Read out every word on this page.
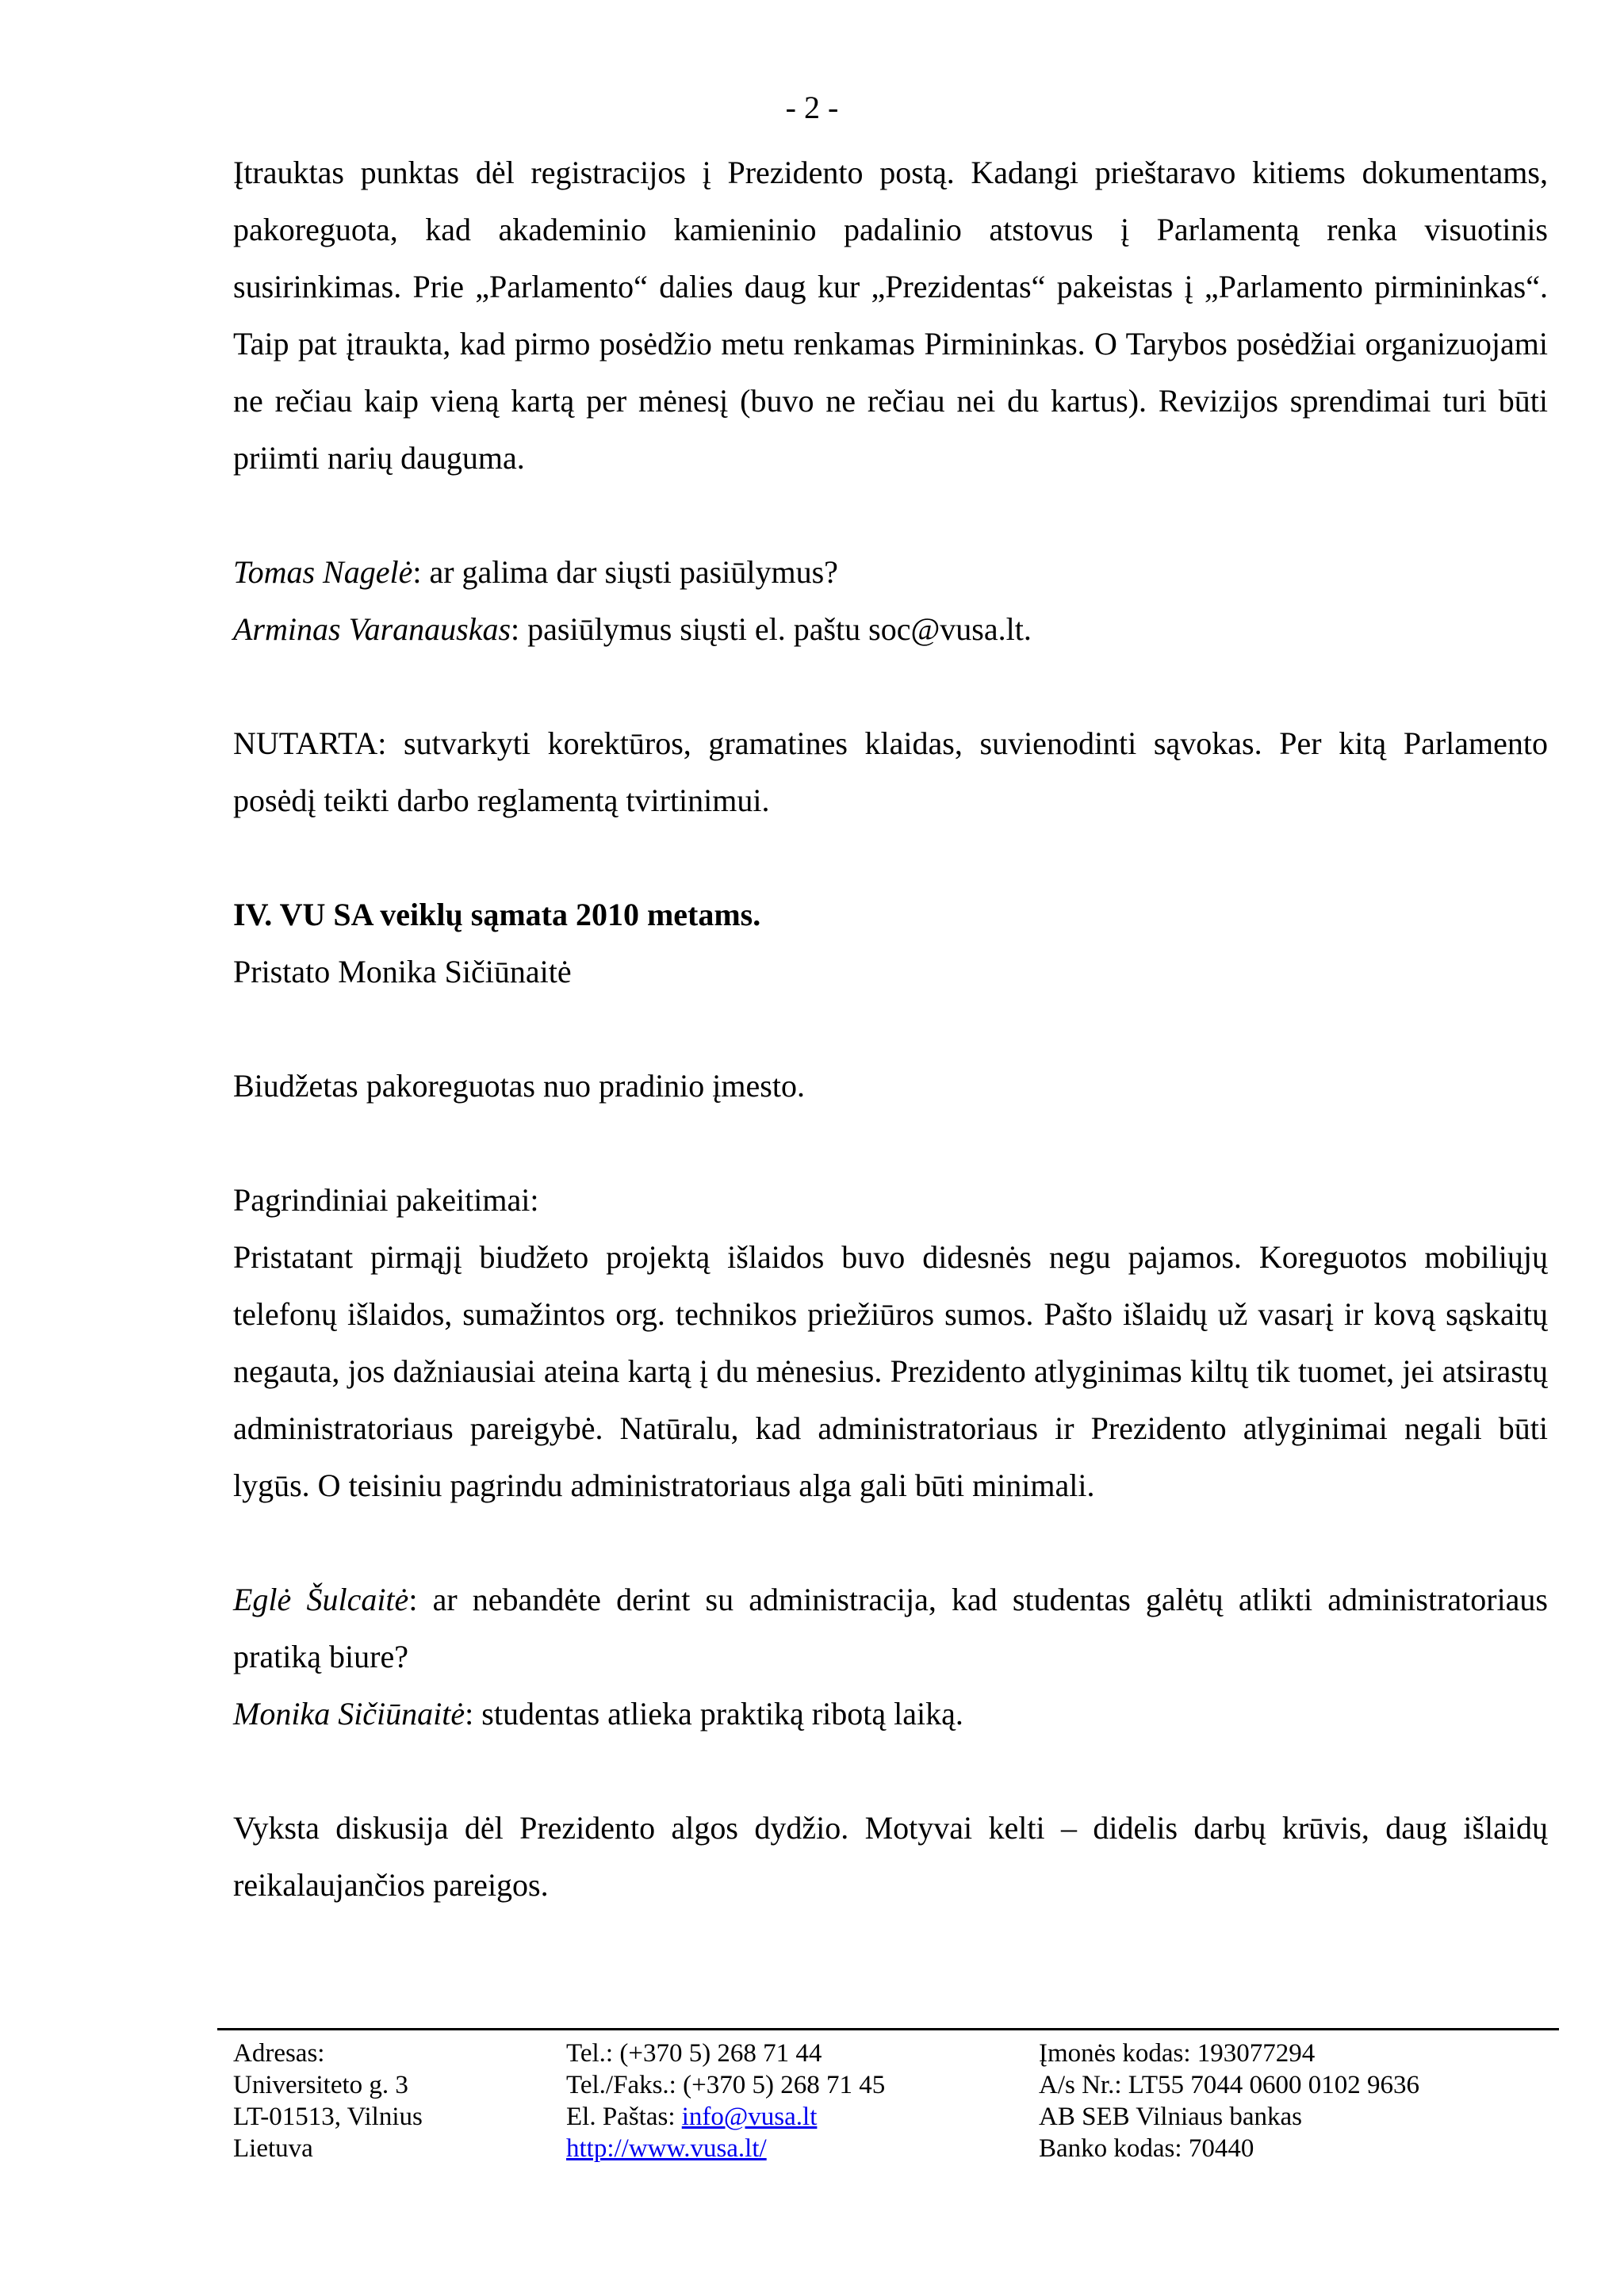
- 2 -

Įtrauktas punktas dėl registracijos į Prezidento postą. Kadangi prieštaravo kitiems dokumentams, pakoreguota, kad akademinio kamieninio padalinio atstovus į Parlamentą renka visuotinis susirinkimas. Prie „Parlamento“ dalies daug kur „Prezidentas“ pakeistas į „Parlamento pirmininkas“. Taip pat įtraukta, kad pirmo posėdžio metu renkamas Pirmininkas. O Tarybos posėdžiai organizuojami ne rečiau kaip vieną kartą per mėnesį (buvo ne rečiau nei du kartus). Revizijos sprendimai turi būti priimti narių dauguma.

Tomas Nagelė: ar galima dar siųsti pasiūlymus?

Arminas Varanauskas: pasiūlymus siųsti el. paštu soc@vusa.lt.

NUTARTA: sutvarkyti korektūros, gramatines klaidas, suvienodinti sąvokas. Per kitą Parlamento posėdį teikti darbo reglamentą tvirtinimui.

IV. VU SA veiklų sąmata 2010 metams.

Pristato Monika Sičiūnaitė

Biudžetas pakoreguotas nuo pradinio įmesto.

Pagrindiniai pakeitimai:

Pristatant pirmąjį biudžeto projektą išlaidos buvo didesnės negu pajamos. Koreguotos mobiliųjų telefonų išlaidos, sumažintos org. technikos priežiūros sumos. Pašto išlaidų už vasarį ir kovą sąskaitų negauta, jos dažniausiai ateina kartą į du mėnesius. Prezidento atlyginimas kiltų tik tuomet, jei atsirastų administratoriaus pareigybė. Natūralu, kad administratoriaus ir Prezidento atlyginimai negali būti lygūs. O teisiniu pagrindu administratoriaus alga gali būti minimali.

Eglė Šulcaitė: ar nebandėte derint su administracija, kad studentas galėtų atlikti administratoriaus pratiką biure?

Monika Sičiūnaitė: studentas atlieka praktiką ribotą laiką.

Vyksta diskusija dėl Prezidento algos dydžio. Motyvai kelti – didelis darbų krūvis, daug išlaidų reikalaujančios pareigos.

Adresas:
Universiteto g. 3
LT-01513, Vilnius
Lietuva
Tel.: (+370 5) 268 71 44
Tel./Faks.: (+370 5) 268 71 45
El. Paštas: info@vusa.lt
http://www.vusa.lt/
Įmonės kodas: 193077294
A/s Nr.: LT55 7044 0600 0102 9636
AB SEB Vilniaus bankas
Banko kodas: 70440
